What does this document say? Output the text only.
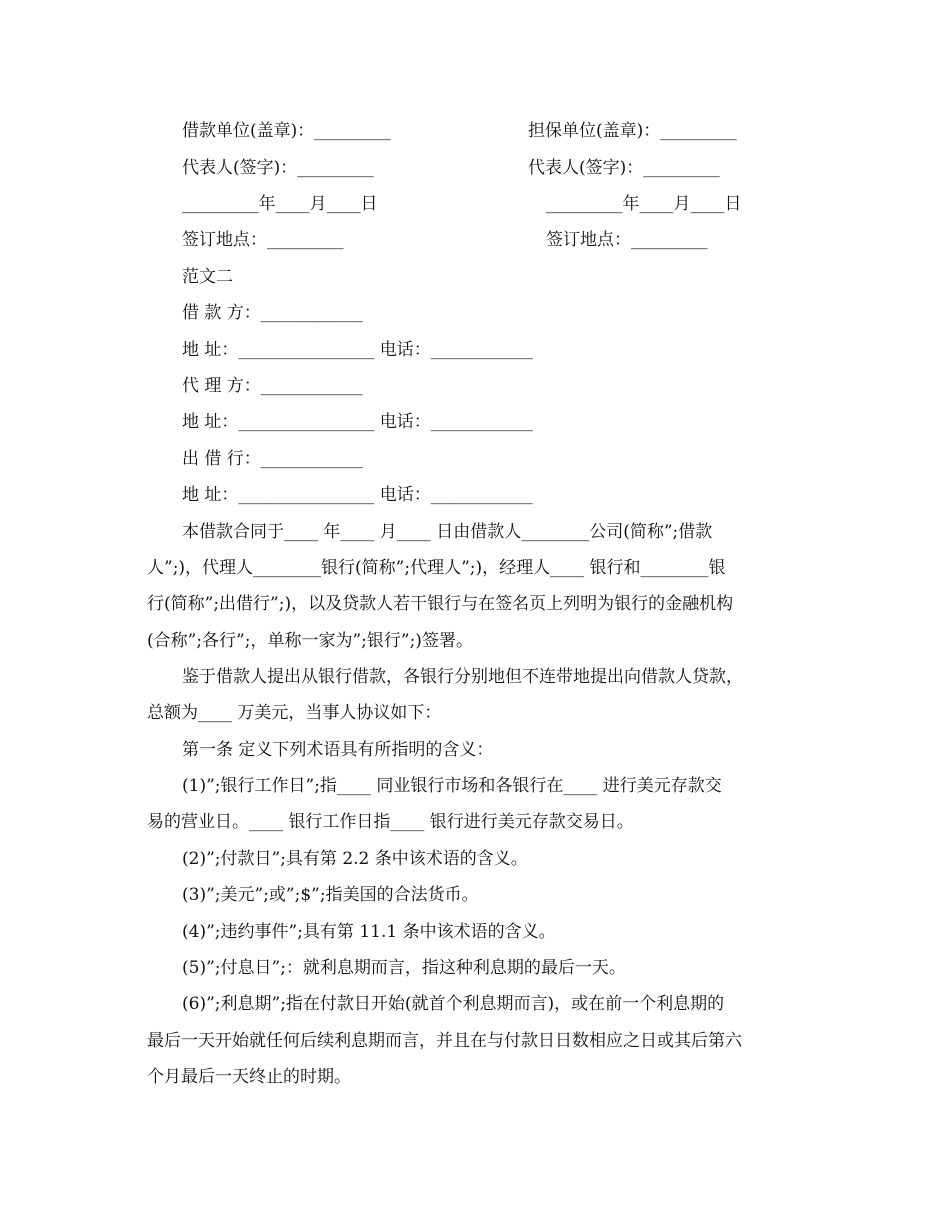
借款单位(盖章)：_________	担保单位(盖章)：_________
代表人(签字)：_________	代表人(签字)：_________
_________年____月____日	_________年____月____日
签订地点：_________	签订地点：_________
范文二
借 款 方：____________
地 址：________________ 电话：____________
代 理 方：____________
地 址：________________ 电话：____________
出 借 行：____________
地 址：________________ 电话：____________
本借款合同于____ 年____ 月____ 日由借款人________公司(简称”;借款
人”;)，代理人________银行(简称”;代理人”;)，经理人____ 银行和________银
行(简称”;出借行”;)，以及贷款人若干银行与在签名页上列明为银行的金融机构
(合称”;各行”;，单称一家为”;银行”;)签署。
鉴于借款人提出从银行借款，各银行分别地但不连带地提出向借款人贷款，
总额为____ 万美元，当事人协议如下：
第一条 定义下列术语具有所指明的含义：
(1)”;银行工作日”;指____ 同业银行市场和各银行在____ 进行美元存款交
易的营业日。____ 银行工作日指____ 银行进行美元存款交易日。
(2)”;付款日”;具有第 2.2 条中该术语的含义。
(3)”;美元”;或”;$”;指美国的合法货币。
(4)”;违约事件”;具有第 11.1 条中该术语的含义。
(5)”;付息日”;：就利息期而言，指这种利息期的最后一天。
(6)”;利息期”;指在付款日开始(就首个利息期而言)，或在前一个利息期的
最后一天开始就任何后续利息期而言，并且在与付款日日数相应之日或其后第六
个月最后一天终止的时期。
